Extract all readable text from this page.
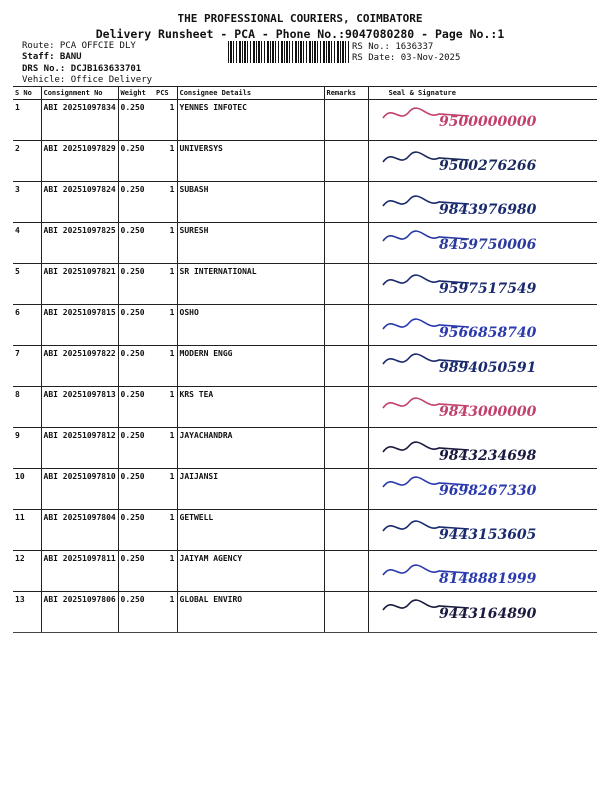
THE PROFESSIONAL COURIERS, COIMBATORE
Delivery Runsheet - PCA - Phone No.:9047080280 - Page No.:1
Route: PCA OFFCIE DLY
Staff: BANU
DRS No.: DCJB163633701
Vehicle: Office Delivery
RS No.: 1636337
RS Date: 03-Nov-2025
S No	Consignment No	Weight	PCS	Consignee Details	Remarks	Seal & Signature
1	ABI 20251097834	0.250	1	YENNES INFOTEC		9500000000

2	ABI 20251097829	0.250	1	UNIVERSYS		9500276266

3	ABI 20251097824	0.250	1	SUBASH		9843976980

4	ABI 20251097825	0.250	1	SURESH		8459750006

5	ABI 20251097821	0.250	1	SR INTERNATIONAL		9597517549

6	ABI 20251097815	0.250	1	OSHO		9566858740

7	ABI 20251097822	0.250	1	MODERN ENGG		9894050591

8	ABI 20251097813	0.250	1	KRS TEA		9843000000

9	ABI 20251097812	0.250	1	JAYACHANDRA		9843234698

10	ABI 20251097810	0.250	1	JAIJANSI		9698267330

11	ABI 20251097804	0.250	1	GETWELL		9443153605

12	ABI 20251097811	0.250	1	JAIYAM AGENCY		8148881999

13	ABI 20251097806	0.250	1	GLOBAL ENVIRO		9443164890
